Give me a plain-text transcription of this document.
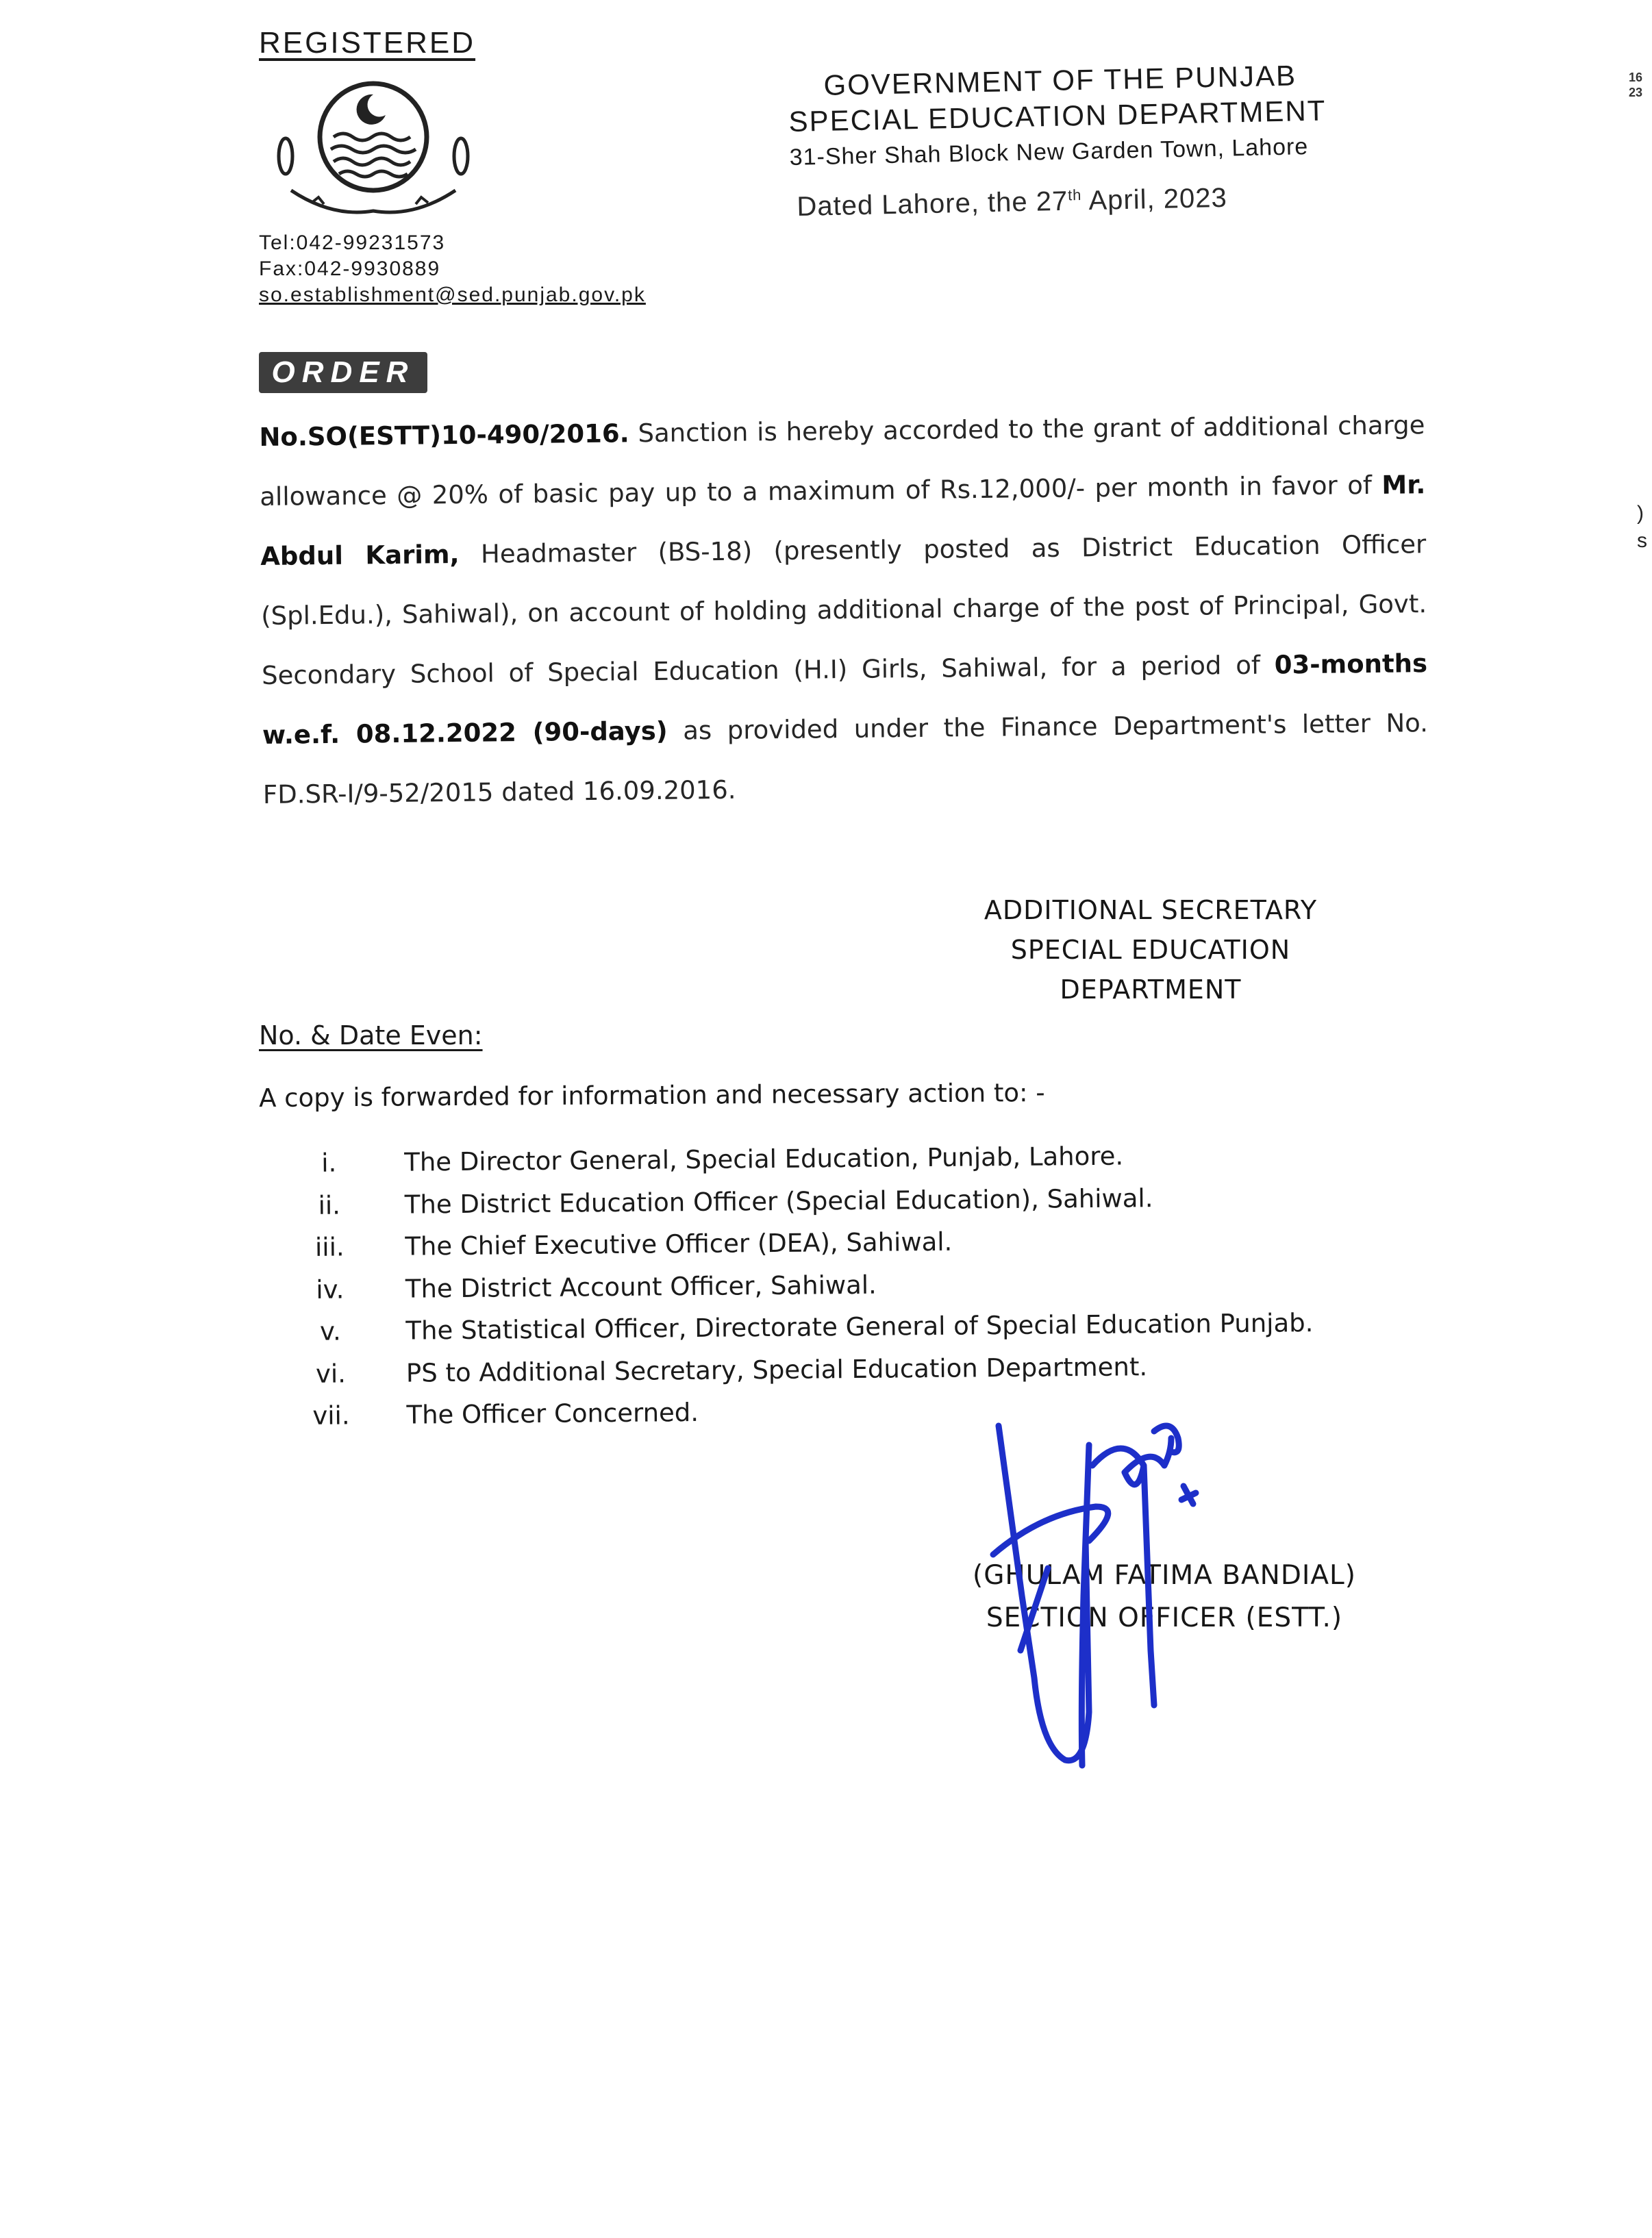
REGISTERED
Tel:042-99231573
Fax:042-9930889
so.establishment@sed.punjab.gov.pk
GOVERNMENT OF THE PUNJAB
SPECIAL EDUCATION DEPARTMENT
31-Sher Shah Block New Garden Town, Lahore
Dated Lahore, the 27th April, 2023
ORDER
No.SO(ESTT)10-490/2016. Sanction is hereby accorded to the grant of additional charge allowance @ 20% of basic pay up to a maximum of Rs.12,000/- per month in favor of Mr. Abdul Karim, Headmaster (BS-18) (presently posted as District Education Officer (Spl.Edu.), Sahiwal), on account of holding additional charge of the post of Principal, Govt. Secondary School of Special Education (H.I) Girls, Sahiwal, for a period of 03-months w.e.f. 08.12.2022 (90-days) as provided under the Finance Department's letter No. FD.SR-I/9-52/2015 dated 16.09.2016.
ADDITIONAL SECRETARY
SPECIAL EDUCATION
DEPARTMENT
No. & Date Even:
A copy is forwarded for information and necessary action to: -
i.	The Director General, Special Education, Punjab, Lahore.
ii.	The District Education Officer (Special Education), Sahiwal.
iii.	The Chief Executive Officer (DEA), Sahiwal.
iv.	The District Account Officer, Sahiwal.
v.	The Statistical Officer, Directorate General of Special Education Punjab.
vi.	PS to Additional Secretary, Special Education Department.
vii.	The Officer Concerned.
(GHULAM FATIMA BANDIAL)
SECTION OFFICER (ESTT.)
16
23
)
s
